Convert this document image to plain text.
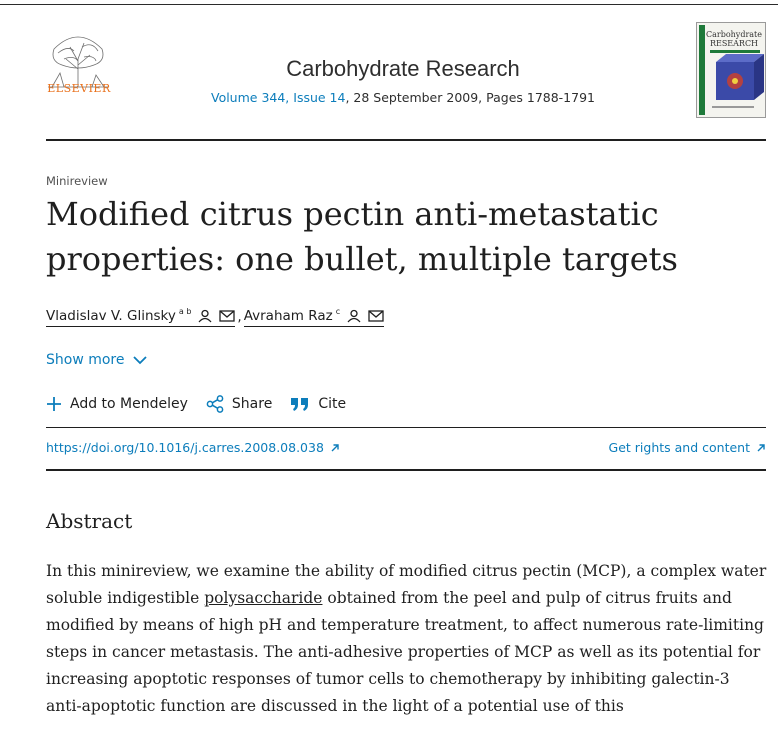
ELSEVIER
Carbohydrate Research
Volume 344, Issue 14, 28 September 2009, Pages 1788-1791
Carbohydrate
RESEARCH
Minireview
Modified citrus pectin anti-metastatic properties: one bullet, multiple targets
Vladislav V. Glinsky $^{a b}$	, Avraham Raz $^c$
Show more
Add to Mendeley	Share	Cite
https://doi.org/10.1016/j.carres.2008.08.038	Get rights and content
Abstract

In this minireview, we examine the ability of modified citrus pectin (MCP), a complex water soluble indigestible polysaccharide obtained from the peel and pulp of citrus fruits and modified by means of high pH and temperature treatment, to affect numerous rate-limiting steps in cancer metastasis. The anti-adhesive properties of MCP as well as its potential for increasing apoptotic responses of tumor cells to chemotherapy by inhibiting galectin-3 anti-apoptotic function are discussed in the light of a potential use of this
